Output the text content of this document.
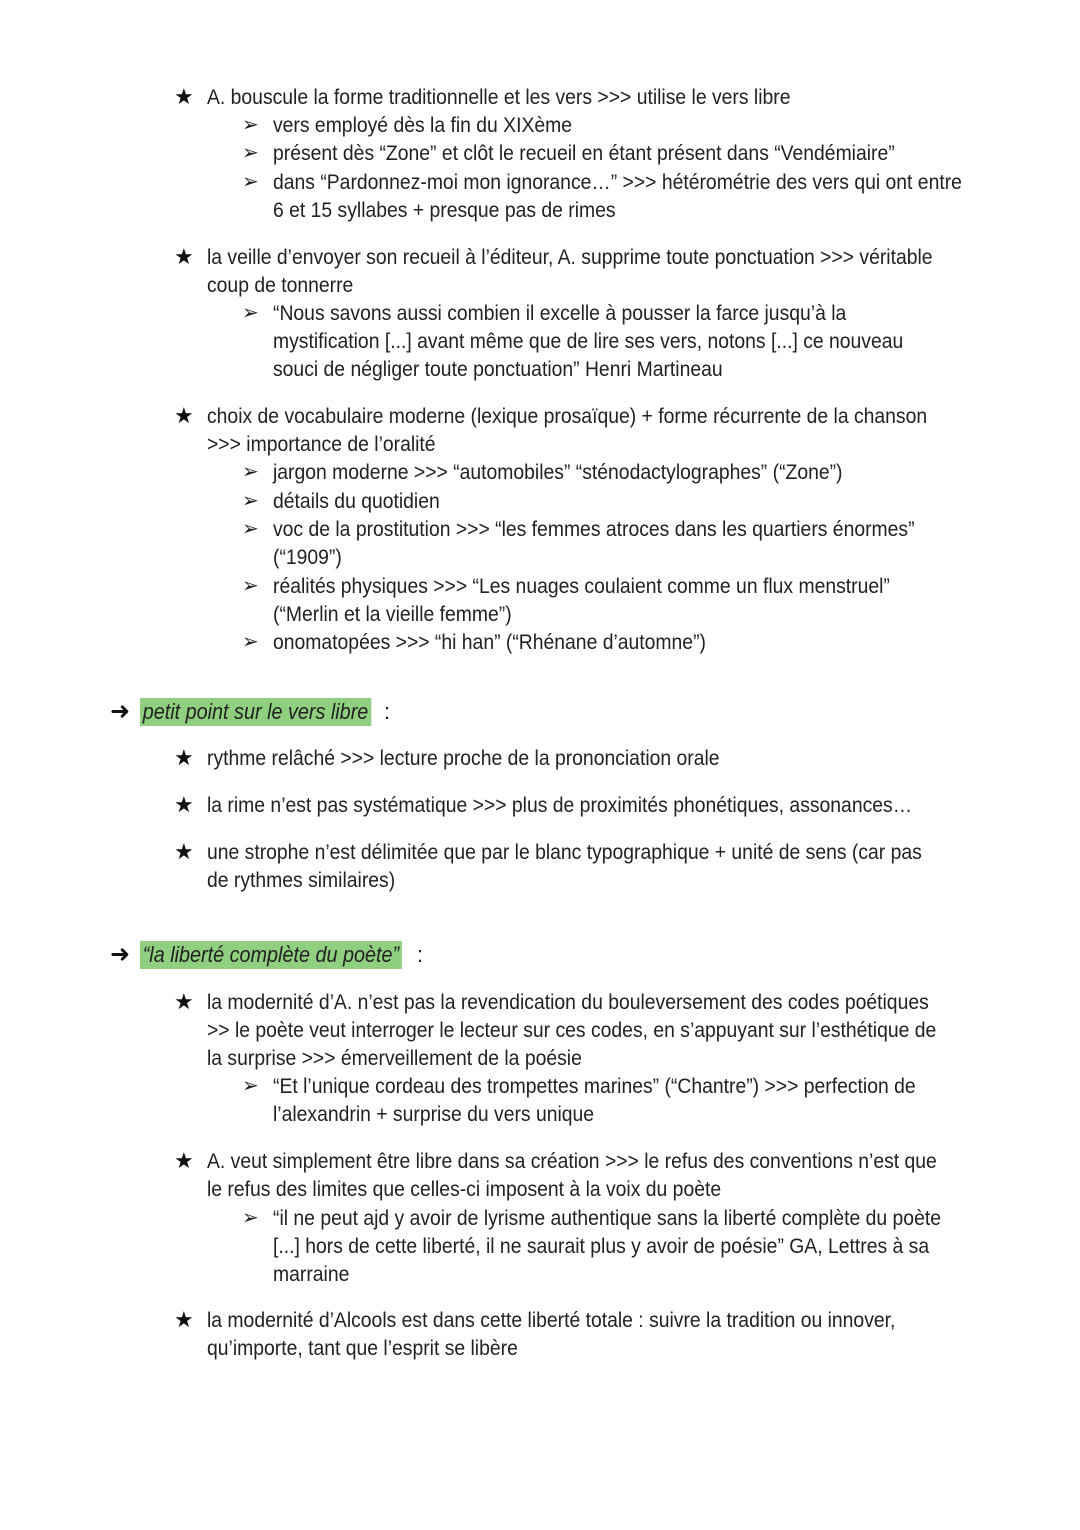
★ A. bouscule la forme traditionnelle et les vers >>> utilise le vers libre

➢ vers employé dès la fin du XIXème

➢ présent dès “Zone” et clôt le recueil en étant présent dans “Vendémiaire”

➢ dans “Pardonnez-moi mon ignorance…” >>> hétérométrie des vers qui ont entre

6 et 15 syllabes + presque pas de rimes

★ la veille d’envoyer son recueil à l’éditeur, A. supprime toute ponctuation >>> véritable

coup de tonnerre

➢ “Nous savons aussi combien il excelle à pousser la farce jusqu’à la

mystification [...] avant même que de lire ses vers, notons [...] ce nouveau

souci de négliger toute ponctuation” Henri Martineau

★ choix de vocabulaire moderne (lexique prosaïque) + forme récurrente de la chanson

>>> importance de l’oralité

➢ jargon moderne >>> “automobiles” “sténodactylographes” (“Zone”)

➢ détails du quotidien

➢ voc de la prostitution >>> “les femmes atroces dans les quartiers énormes”

(“1909”)

➢ réalités physiques >>> “Les nuages coulaient comme un flux menstruel”

(“Merlin et la vieille femme”)

➢ onomatopées >>> “hi han” (“Rhénane d’automne”)

➜ petit point sur le vers libre :
★ rythme relâché >>> lecture proche de la prononciation orale

★ la rime n’est pas systématique >>> plus de proximités phonétiques, assonances…

★ une strophe n’est délimitée que par le blanc typographique + unité de sens (car pas

de rythmes similaires)

➜ “la liberté complète du poète” :
★ la modernité d’A. n’est pas la revendication du bouleversement des codes poétiques

>> le poète veut interroger le lecteur sur ces codes, en s’appuyant sur l’esthétique de

la surprise >>> émerveillement de la poésie

➢ “Et l’unique cordeau des trompettes marines” (“Chantre”) >>> perfection de

l’alexandrin + surprise du vers unique

★ A. veut simplement être libre dans sa création >>> le refus des conventions n’est que

le refus des limites que celles-ci imposent à la voix du poète

➢ “il ne peut ajd y avoir de lyrisme authentique sans la liberté complète du poète

[...] hors de cette liberté, il ne saurait plus y avoir de poésie” GA, Lettres à sa

marraine

★ la modernité d’Alcools est dans cette liberté totale : suivre la tradition ou innover,

qu’importe, tant que l’esprit se libère
